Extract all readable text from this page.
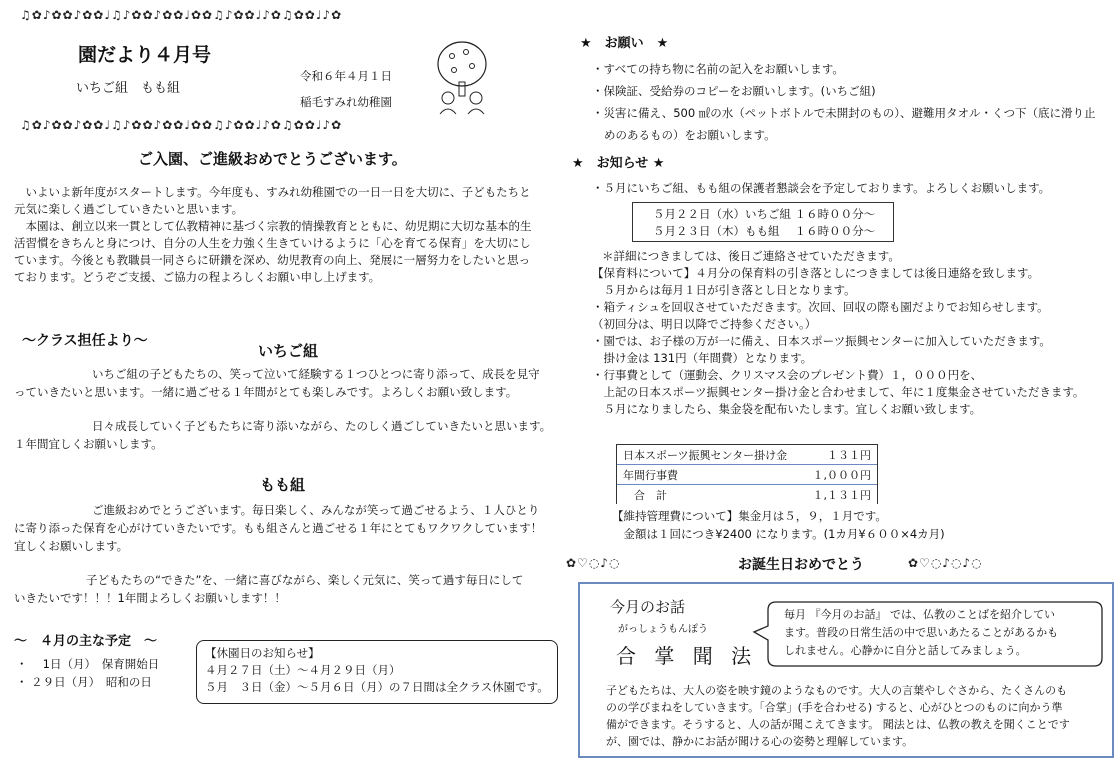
♫✿♪✿✿♪✿✿♩♫♪✿✿♪✿✿♩✿✿♫♪✿✿♩♪✿♫✿✿♩♪✿
♫✿♪✿✿♪✿✿♩♫♪✿✿♪✿✿♩✿✿♫♪✿✿♩♪✿♫✿✿♩♪✿
園だより４月号
いちご組　もも組
令和６年４月１日
稲毛すみれ幼稚園
ご入園、ご進級おめでとうございます。
　いよいよ新年度がスタートします。今年度も、すみれ幼稚園での一日一日を大切に、子どもたちと
元気に楽しく過ごしていきたいと思います。
　本園は、創立以来一貫として仏教精神に基づく宗教的情操教育とともに、幼児期に大切な基本的生
活習慣をきちんと身につけ、自分の人生を力強く生きていけるように「心を育てる保育」を大切にし
ています。今後とも教職員一同さらに研鑽を深め、幼児教育の向上、発展に一層努力をしたいと思っ
ております。どうぞご支援、ご協力の程よろしくお願い申し上げます。
～クラス担任より～
いちご組
いちご組の子どもたちの、笑って泣いて経験する１つひとつに寄り添って、成長を見守
っていきたいと思います。一緒に過ごせる１年間がとても楽しみです。よろしくお願い致します。
日々成長していく子どもたちに寄り添いながら、たのしく過ごしていきたいと思います。
１年間宜しくお願いします。
もも組
ご進級おめでとうございます。毎日楽しく、みんなが笑って過ごせるよう、１人ひとり
に寄り添った保育を心がけていきたいです。もも組さんと過ごせる１年にとてもワクワクしています！
宜しくお願いします。
子どもたちの“できた”を、一緒に喜びながら、楽しく元気に、笑って過す毎日にして
いきたいです！！！1年間よろしくお願いします！！
～　４月の主な予定　～
・　 1日（月）　保育開始日
・ ２９日（月）　昭和の日
【休園日のお知らせ】
４月２７日（土）～４月２９日（月）
５月　３日（金）～５月６日（月）の７日間は全クラス休園です。
★　お願い　★
・すべての持ち物に名前の記入をお願いします。
・保険証、受給券のコピーをお願いします。(いちご組)
・災害に備え、500 ㎖の水（ペットボトルで未開封のもの）、避難用タオル・くつ下（底に滑り止
めのあるもの）をお願いします。
★　お知らせ ★
・５月にいちご組、もも組の保護者懇談会を予定しております。よろしくお願いします。
５月２２日（水）いちご組 １６時００分～
５月２３日（木）もも組　 １６時００分～
＊詳細につきましては、後日ご連絡させていただきます。
【保育料について】４月分の保育料の引き落としにつきましては後日連絡を致します。
　５月からは毎月１日が引き落とし日となります。
・箱ティシュを回収させていただきます。次回、回収の際も園だよりでお知らせします。
（初回分は、明日以降でご持参ください。）
・園では、お子様の万が一に備え、日本スポーツ振興センターに加入していただきます。
　掛け金は 131円（年間費）となります。
・行事費として（運動会、クリスマス会のプレゼント費）１，０００円を、
　上記の日本スポーツ振興センター掛け金と合わせまして、年に１度集金させていただきます。
　５月になりましたら、集金袋を配布いたします。宜しくお願い致します。
日本スポーツ振興センター掛け金	１３１円
年間行事費	１,０００円
　合　計	１,１３１円
【維持管理費について】集金月は５，９，１月です。
　金額は１回につき¥2400 になります。(1カ月¥６００×4カ月)
✿♡◌♪◌	お誕生日おめでとう	✿♡◌♪◌♪◌
今月のお話
がっしょうもんぽう
合 掌 聞 法
毎月 『今月のお話』 では、仏教のことばを紹介してい
ます。普段の日常生活の中で思いあたることがあるかも
しれません。心静かに自分と話してみましょう。
子どもたちは、大人の姿を映す鏡のようなものです。大人の言葉やしぐさから、たくさんのも
のの学びまねをしていきます。「合掌」(手を合わせる) すると、心がひとつのものに向かう準
備ができます。そうすると、人の話が聞こえてきます。 聞法とは、仏教の教えを聞くことです
が、園では、静かにお話が聞ける心の姿勢と理解しています。
